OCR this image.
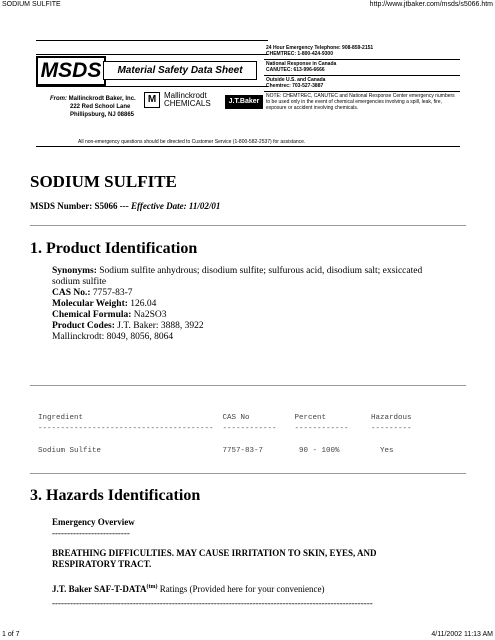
SODIUM SULFITE	http://www.jtbaker.com/msds/s5066.htm
1 of 7	4/11/2002 11:13 AM
MSDS	Material Safety Data Sheet
From: Mallinckrodt Baker, Inc.
222 Red School Lane
Phillipsburg, NJ 08865
M Mallinckrodt
CHEMICALS	J.T.Baker
24 Hour Emergency Telephone: 908-859-2151
CHEMTREC: 1-800-424-9300
National Response in Canada
CANUTEC: 613-996-6666
Outside U.S. and Canada
Chemtrec: 703-527-3887
NOTE: CHEMTREC, CANUTEC and National Response Center emergency numbers to be used only in the event of chemical emergencies involving a spill, leak, fire, exposure or accident involving chemicals.
All non-emergency questions should be directed to Customer Service (1-800-582-2537) for assistance.
SODIUM SULFITE
MSDS Number: S5066 --- Effective Date: 11/02/01
1. Product Identification
Synonyms: Sodium sulfite anhydrous; disodium sulfite; sulfurous acid, disodium salt; exsiccated sodium sulfite
CAS No.: 7757-83-7
Molecular Weight: 126.04
Chemical Formula: Na2SO3
Product Codes: J.T. Baker: 3888, 3922
Mallinckrodt: 8049, 8056, 8064
Ingredient                               CAS No          Percent          Hazardous
---------------------------------------  ------------    ------------     ---------

Sodium Sulfite                           7757-83-7        90 - 100%         Yes
3. Hazards Identification
Emergency Overview
--------------------------
BREATHING DIFFICULTIES. MAY CAUSE IRRITATION TO SKIN, EYES, AND RESPIRATORY TRACT.
J.T. Baker SAF-$T-DATA^{(tm)}$ Ratings (Provided here for your convenience)
-----------------------------------------------------------------------------------------------------------
